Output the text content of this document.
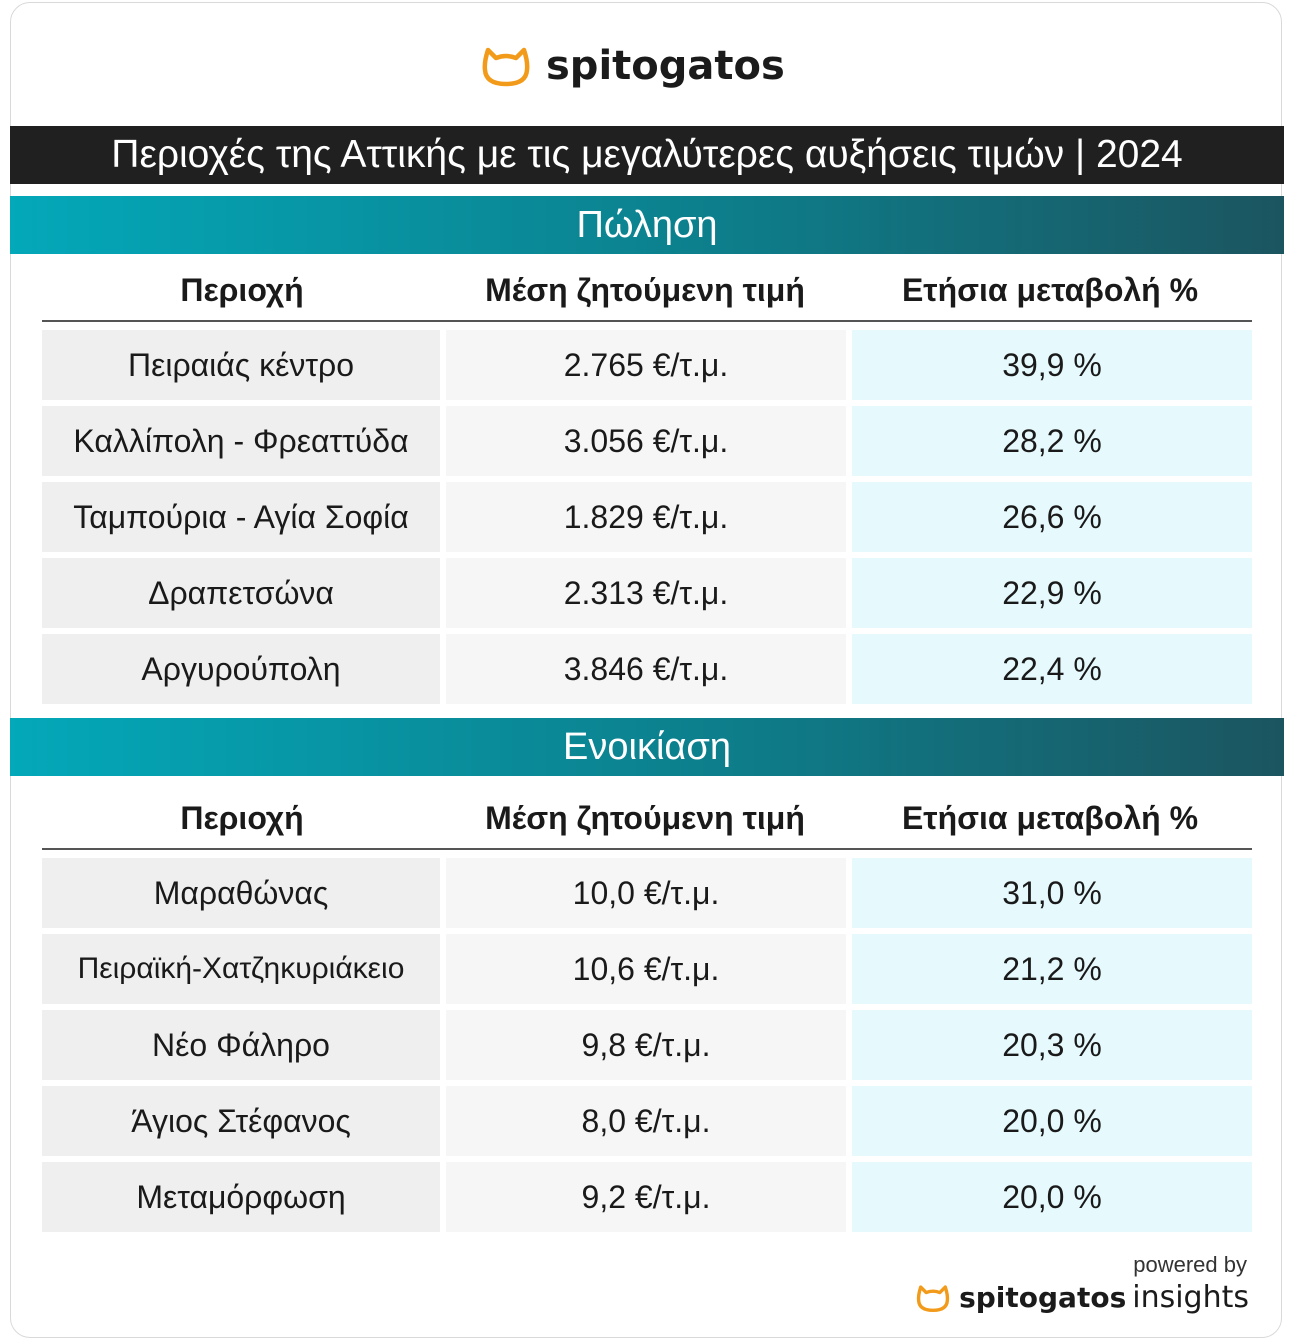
spitogatos
Περιοχές της Αττικής με τις μεγαλύτερες αυξήσεις τιμών | 2024
Πώληση
Περιοχή	Μέση ζητούμενη τιμή	Ετήσια μεταβολή %
Πειραιάς κέντρο	2.765 €/τ.μ.	39,9 %
Καλλίπολη - Φρεαττύδα	3.056 €/τ.μ.	28,2 %
Ταμπούρια - Αγία Σοφία	1.829 €/τ.μ.	26,6 %
Δραπετσώνα	2.313 €/τ.μ.	22,9 %
Αργυρούπολη	3.846 €/τ.μ.	22,4 %
Ενοικίαση
Περιοχή	Μέση ζητούμενη τιμή	Ετήσια μεταβολή %
Μαραθώνας	10,0 €/τ.μ.	31,0 %
Πειραϊκή-Χατζηκυριάκειο	10,6 €/τ.μ.	21,2 %
Νέο Φάληρο	9,8 €/τ.μ.	20,3 %
Άγιος Στέφανος	8,0 €/τ.μ.	20,0 %
Μεταμόρφωση	9,2 €/τ.μ.	20,0 %
powered by
spitogatos insights
